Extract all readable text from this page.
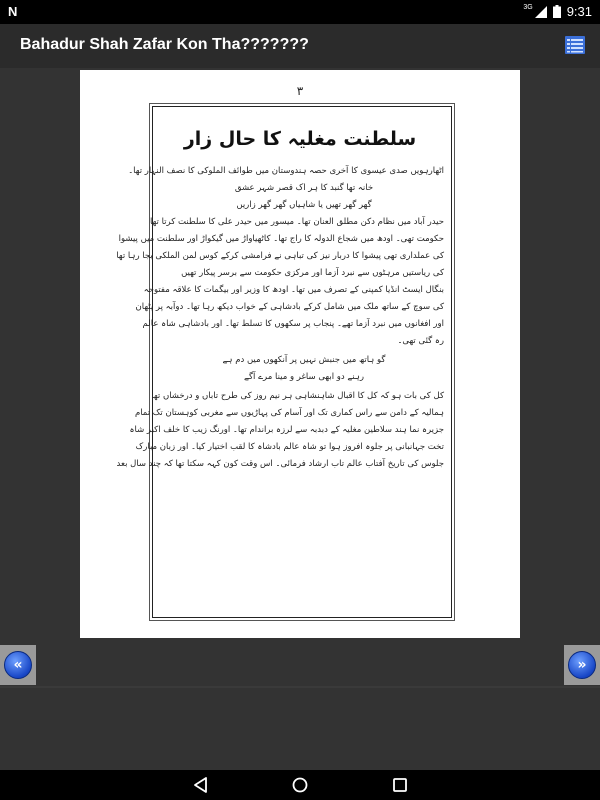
N	3G	9:31
Bahadur Shah Zafar Kon Tha???????
٣
سلطنت مغلیہ کا حال زار
اٹھارہویں صدی عیسوی کا آخری حصہ ہندوستان میں طوائف الملوکی کا نصف النہار تھا۔
خانہ تھا گنبد کا ہر اک قصر شہر عشق
گھر گھر تھیں یا شاہیاں گھر گھر زاریں
حیدر آباد میں نظام دکن مطلق العنان تھا۔ میسور میں حیدر علی کا سلطنت کرتا تھا
حکومت تھی۔ اودھ میں شجاع الدولہ کا راج تھا۔ کاٹھیاواڑ میں گیکواڑ اور سلطنت میں پیشوا
کی عملداری تھی پیشوا کا دربار نیز کی تباہی نے فرامشی کرکے کوس لمن الملکی بجا رہا تھا
کی ریاستیں مرہٹوں سے نبرد آزما اور مرکزی حکومت سے برسر پیکار تھیں
بنگال ایسٹ انڈیا کمپنی کے تصرف میں تھا۔ اودھ کا وزیر اور بیگمات کا علاقہ مفتوحہ
کی سوچ کے ساتھ ملک میں شامل کرکے بادشاہی کے خواب دیکھ رہا تھا۔ دوآبہ پر پٹھان
اور افغانوں میں نبرد آزما تھے۔ پنجاب پر سکھوں کا تسلط تھا۔ اور بادشاہی شاہ عالم
رہ گئی تھی۔
گو ہاتھ میں جنبش نہیں پر آنکھوں میں دم ہے
رہنے دو ابھی ساغر و مینا مرے آگے
کل کی بات ہو کہ کل کا اقبال شاہنشاہی ہر نیم روز کی طرح تاباں و درخشاں تھا
ہمالیہ کے دامن سے راس کماری تک اور آسام کی پہاڑیوں سے مغربی کوہستان تک تمام
جزیرہ نما ہند سلاطین مغلیہ کے دبدبہ سے لرزہ براندام تھا۔ اورنگ زیب کا خلف اکبر شاہ
تخت جہانبانی پر جلوہ افروز ہوا تو شاہ عالم بادشاہ کا لقب اختیار کیا۔ اور زبان مبارک
جلوس کی تاریخ آفتاب عالم تاب ارشاد فرمائی۔ اس وقت کون کہہ سکتا تھا کہ چند سال بعد
«	»
